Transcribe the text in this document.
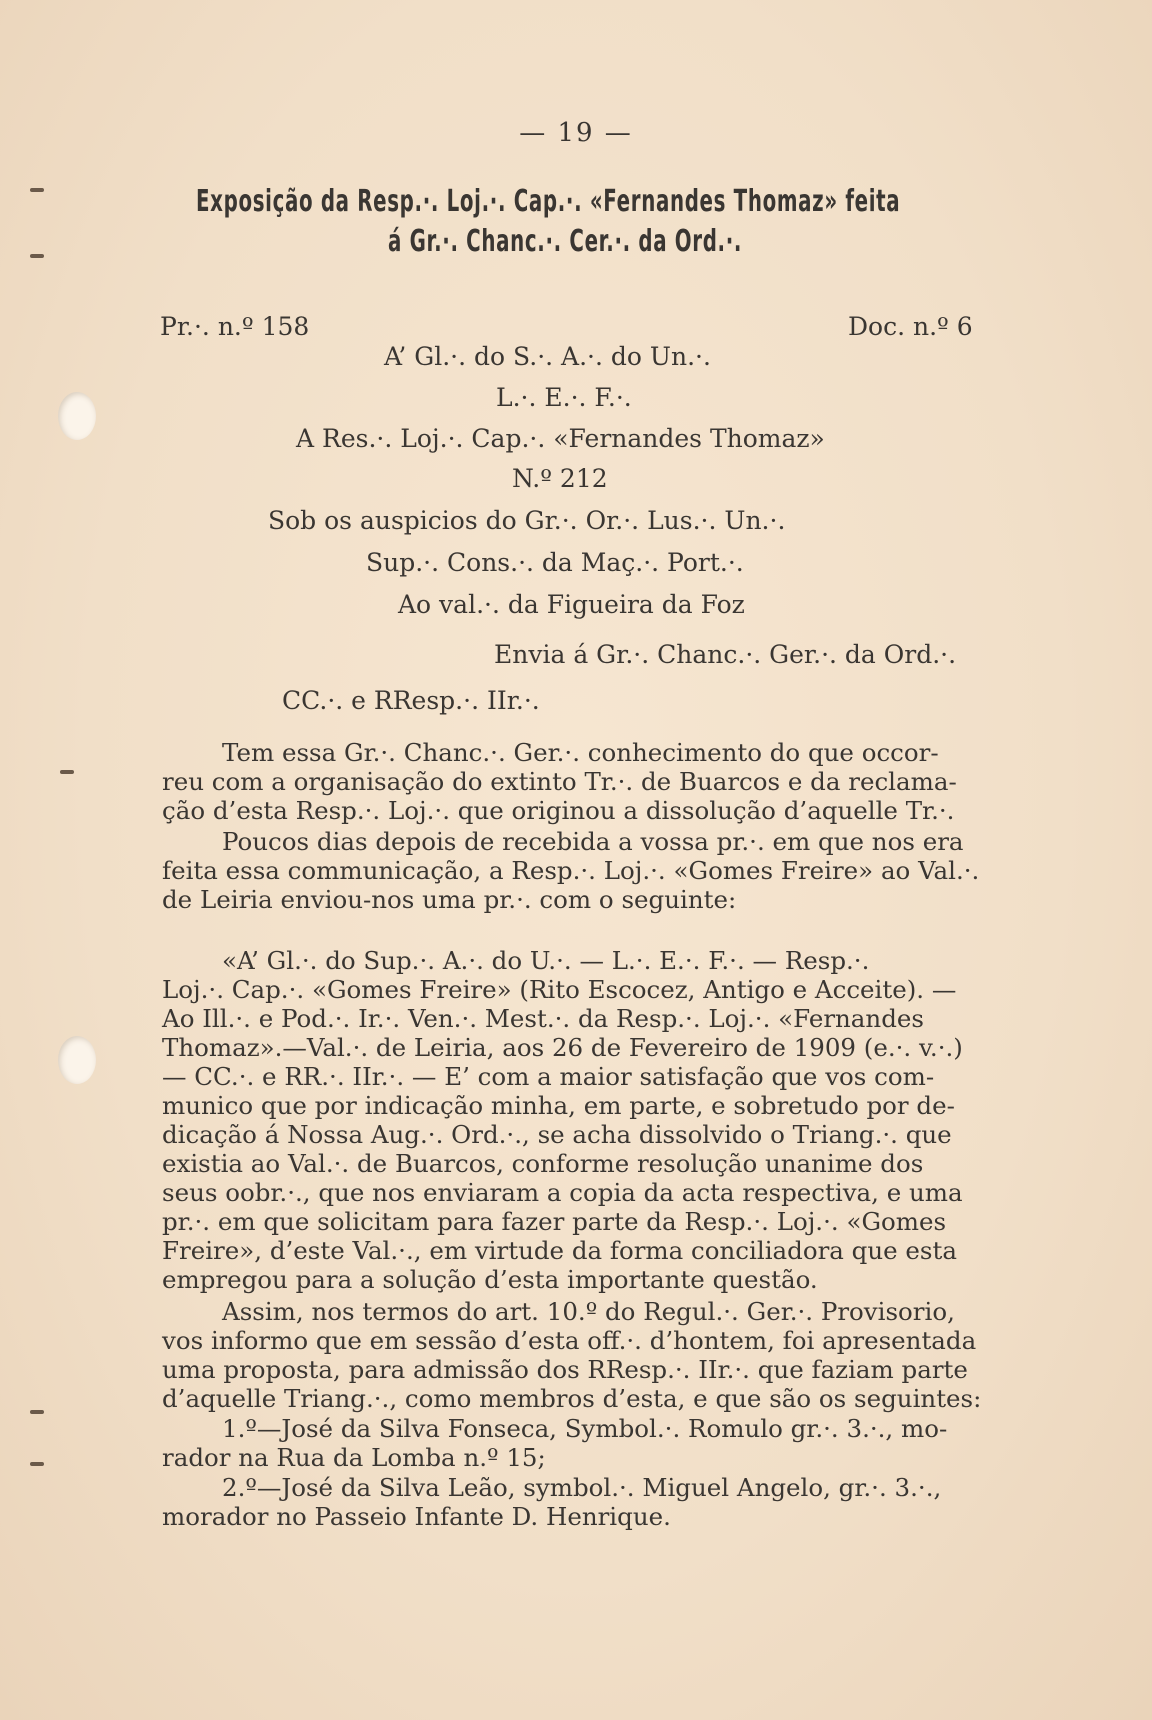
— 19 —
Exposição da Resp.·. Loj.·. Cap.·. «Fernandes Thomaz» feita
á Gr.·. Chanc.·. Cer.·. da Ord.·.
Pr.·. n.º 158	Doc. n.º 6
A’ Gl.·. do S.·. A.·. do Un.·.
L.·. E.·. F.·.
A Res.·. Loj.·. Cap.·. «Fernandes Thomaz»
N.º 212
Sob os auspicios do Gr.·. Or.·. Lus.·. Un.·.
Sup.·. Cons.·. da Maç.·. Port.·.
Ao val.·. da Figueira da Foz
Envia á Gr.·. Chanc.·. Ger.·. da Ord.·.
CC.·. e RResp.·. IIr.·.
Tem essa Gr.·. Chanc.·. Ger.·. conhecimento do que occor-
reu com a organisação do extinto Tr.·. de Buarcos e da reclama-
ção d’esta Resp.·. Loj.·. que originou a dissolução d’aquelle Tr.·.
Poucos dias depois de recebida a vossa pr.·. em que nos era
feita essa communicação, a Resp.·. Loj.·. «Gomes Freire» ao Val.·.
de Leiria enviou-nos uma pr.·. com o seguinte:
«A’ Gl.·. do Sup.·. A.·. do U.·. — L.·. E.·. F.·. — Resp.·.
Loj.·. Cap.·. «Gomes Freire» (Rito Escocez, Antigo e Acceite). —
Ao Ill.·. e Pod.·. Ir.·. Ven.·. Mest.·. da Resp.·. Loj.·. «Fernandes
Thomaz».—Val.·. de Leiria, aos 26 de Fevereiro de 1909 (e.·. v.·.)
— CC.·. e RR.·. IIr.·. — E’ com a maior satisfação que vos com-
munico que por indicação minha, em parte, e sobretudo por de-
dicação á Nossa Aug.·. Ord.·., se acha dissolvido o Triang.·. que
existia ao Val.·. de Buarcos, conforme resolução unanime dos
seus oobr.·., que nos enviaram a copia da acta respectiva, e uma
pr.·. em que solicitam para fazer parte da Resp.·. Loj.·. «Gomes
Freire», d’este Val.·., em virtude da forma conciliadora que esta
empregou para a solução d’esta importante questão.
Assim, nos termos do art. 10.º do Regul.·. Ger.·. Provisorio,
vos informo que em sessão d’esta off.·. d’hontem, foi apresentada
uma proposta, para admissão dos RResp.·. IIr.·. que faziam parte
d’aquelle Triang.·., como membros d’esta, e que são os seguintes:
1.º—José da Silva Fonseca, Symbol.·. Romulo gr.·. 3.·., mo-
rador na Rua da Lomba n.º 15;
2.º—José da Silva Leão, symbol.·. Miguel Angelo, gr.·. 3.·.,
morador no Passeio Infante D. Henrique.
